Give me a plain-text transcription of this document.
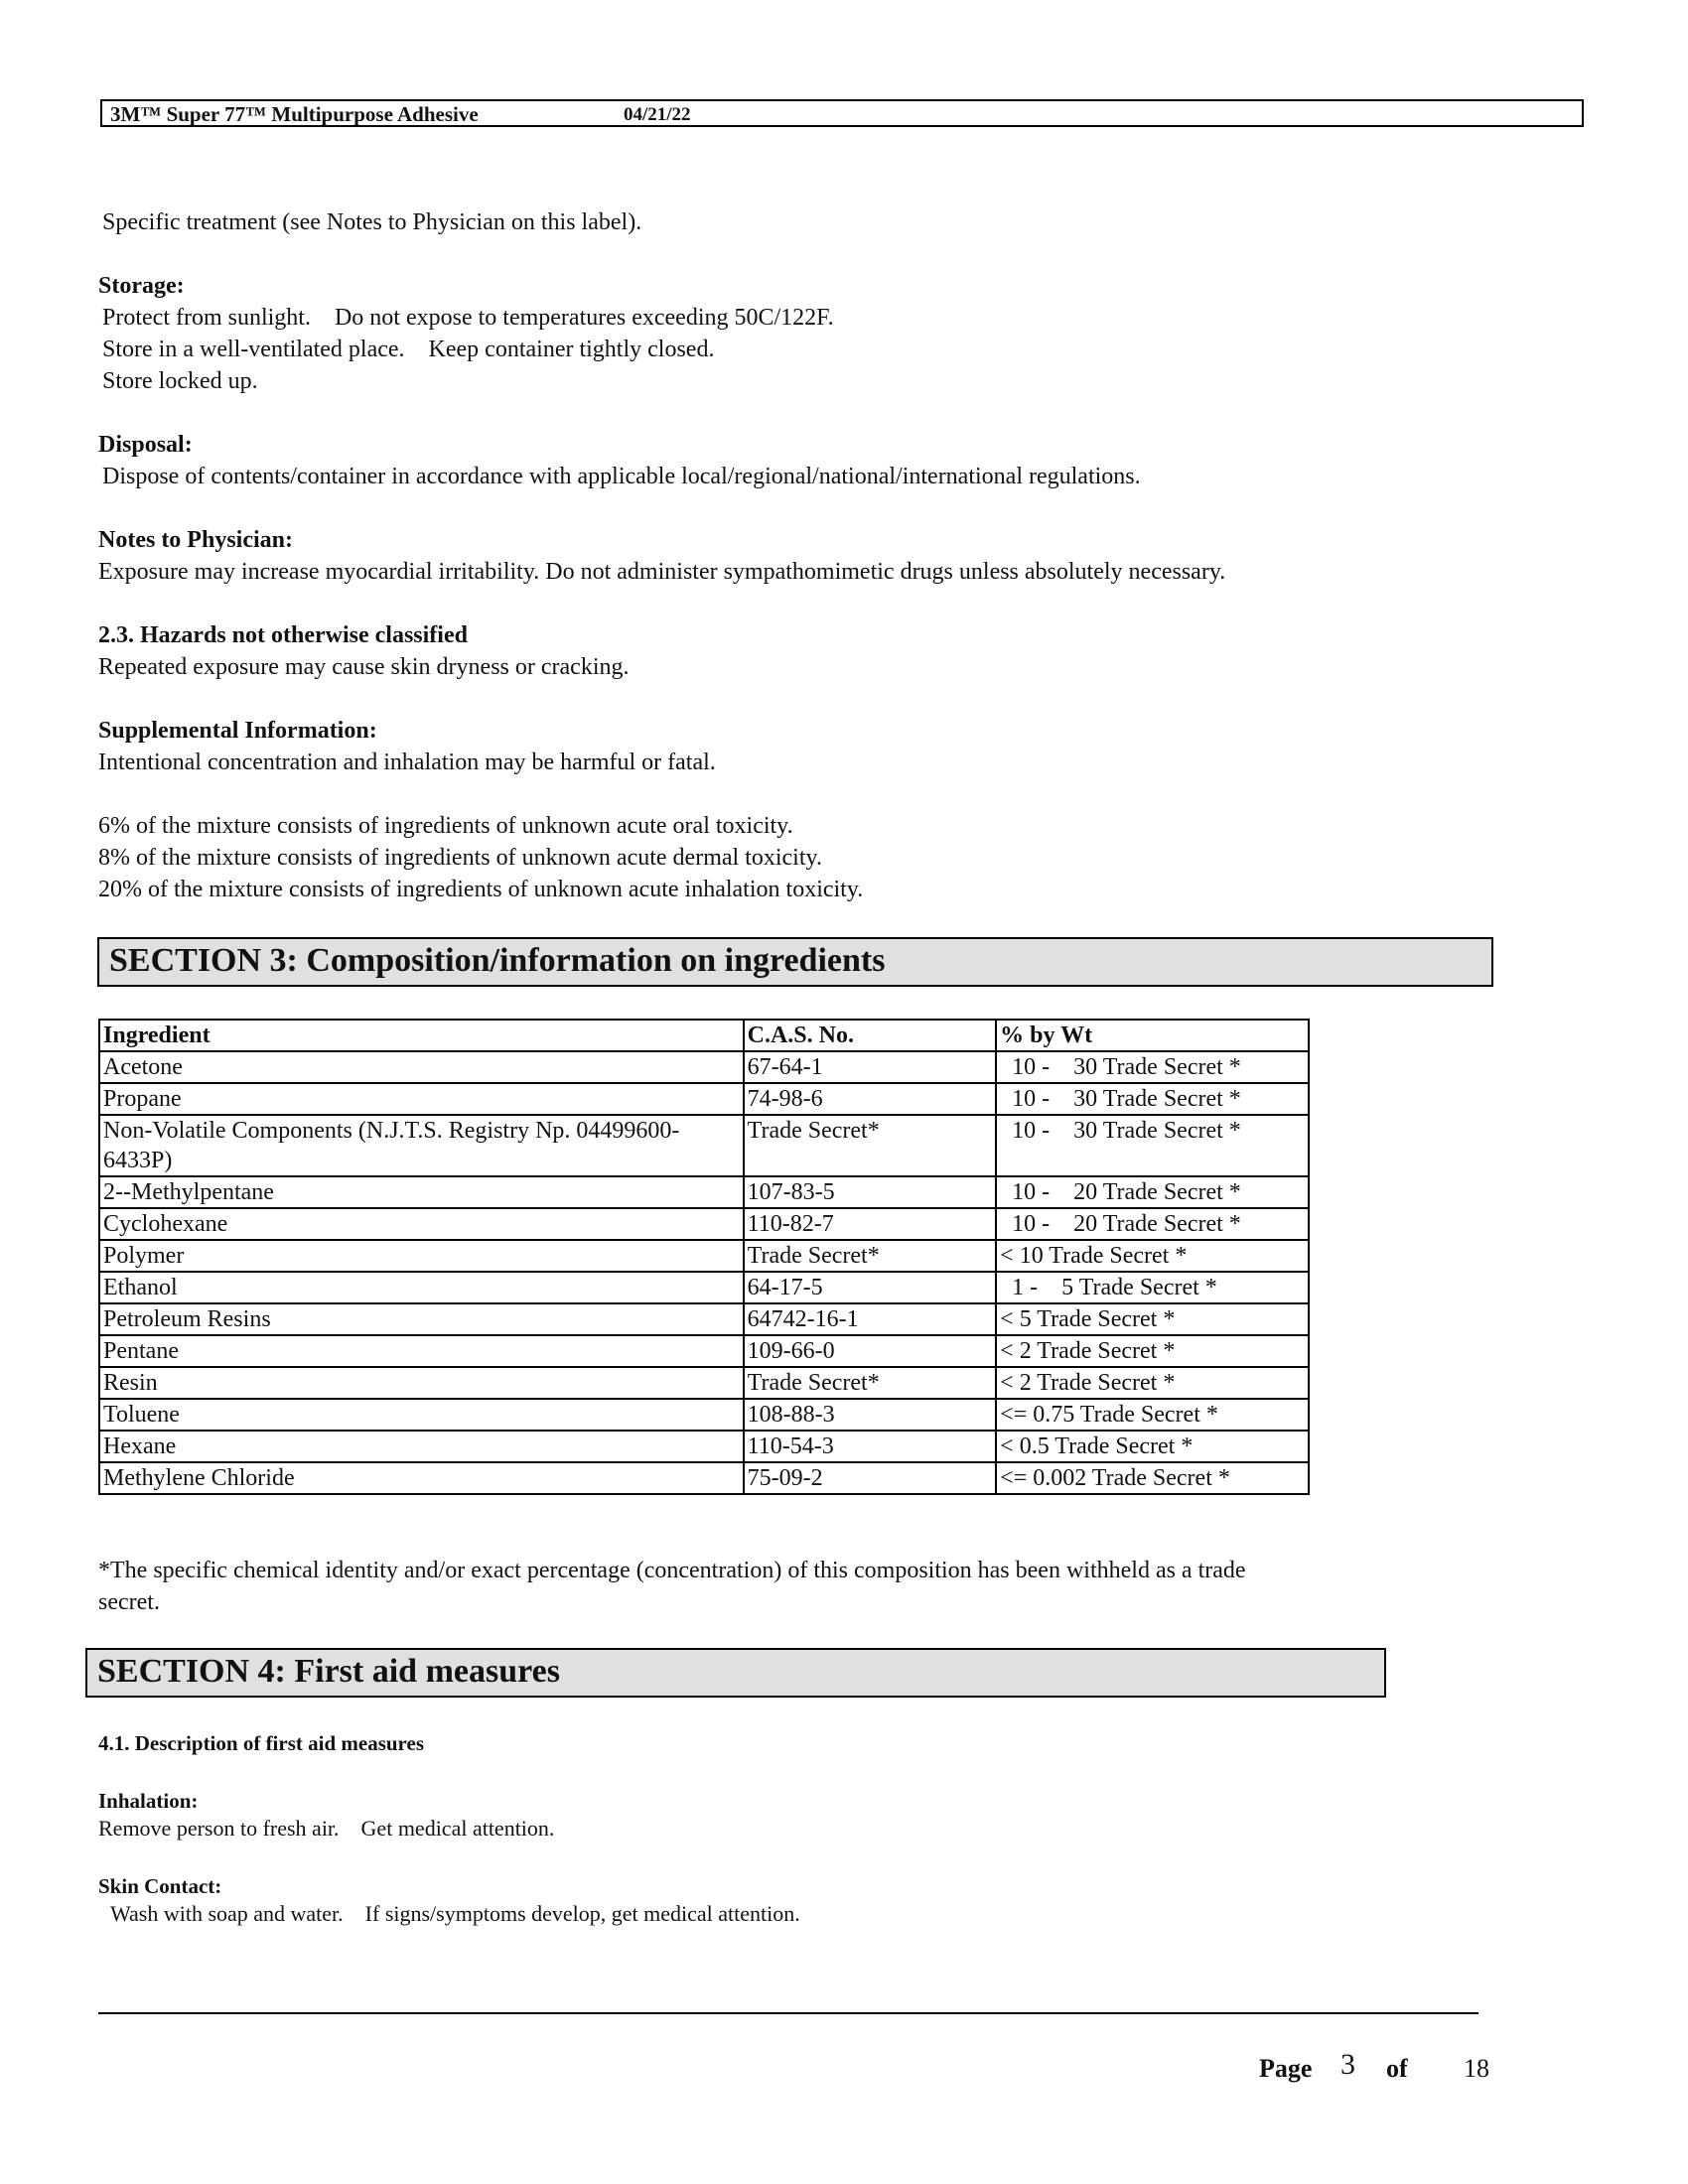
3M™ Super 77™ Multipurpose Adhesive	04/21/22
Specific treatment (see Notes to Physician on this label).
Storage:
Protect from sunlight.    Do not expose to temperatures exceeding 50C/122F.
Store in a well-ventilated place.    Keep container tightly closed.
Store locked up.
Disposal:
Dispose of contents/container in accordance with applicable local/regional/national/international regulations.
Notes to Physician:
Exposure may increase myocardial irritability. Do not administer sympathomimetic drugs unless absolutely necessary.
2.3. Hazards not otherwise classified
Repeated exposure may cause skin dryness or cracking.
Supplemental Information:
Intentional concentration and inhalation may be harmful or fatal.
6% of the mixture consists of ingredients of unknown acute oral toxicity.
8% of the mixture consists of ingredients of unknown acute dermal toxicity.
20% of the mixture consists of ingredients of unknown acute inhalation toxicity.
SECTION 3: Composition/information on ingredients
Ingredient	C.A.S. No.	% by Wt
Acetone	67-64-1	10 -    30 Trade Secret *
Propane	74-98-6	10 -    30 Trade Secret *
Non-Volatile Components (N.J.T.S. Registry Np. 04499600-6433P)	Trade Secret*	10 -    30 Trade Secret *
2--Methylpentane	107-83-5	10 -    20 Trade Secret *
Cyclohexane	110-82-7	10 -    20 Trade Secret *
Polymer	Trade Secret*	< 10 Trade Secret *
Ethanol	64-17-5	1 -    5 Trade Secret *
Petroleum Resins	64742-16-1	< 5 Trade Secret *
Pentane	109-66-0	< 2 Trade Secret *
Resin	Trade Secret*	< 2 Trade Secret *
Toluene	108-88-3	<= 0.75 Trade Secret *
Hexane	110-54-3	< 0.5 Trade Secret *
Methylene Chloride	75-09-2	<= 0.002 Trade Secret *
*The specific chemical identity and/or exact percentage (concentration) of this composition has been withheld as a trade
secret.
SECTION 4: First aid measures
4.1. Description of first aid measures
Inhalation:
Remove person to fresh air.    Get medical attention.
Skin Contact:
Wash with soap and water.    If signs/symptoms develop, get medical attention.
Page 3 of 18
